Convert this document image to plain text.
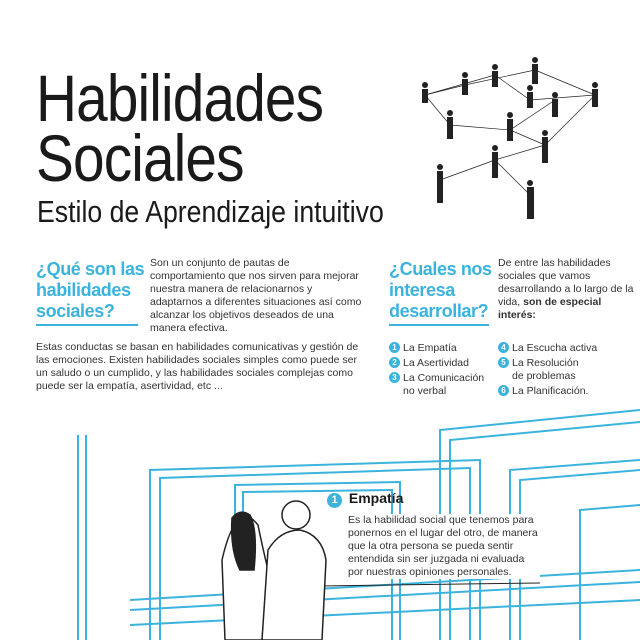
Habilidades
Sociales
Estilo de Aprendizaje intuitivo
¿Qué son las
habilidades
sociales?
Son un conjunto de pautas de comportamiento que nos sirven para mejorar nuestra manera de relacionarnos y adaptarnos a diferentes situaciones así como alcanzar los objetivos deseados de una manera efectiva.
Estas conductas se basan en habilidades comunicativas y gestión de las emociones. Existen habilidades sociales simples como puede ser un saludo o un cumplido, y las habilidades sociales complejas como puede ser la empatía, asertividad, etc ...
¿Cuales nos
interesa
desarrollar?
De entre las habilidades sociales que vamos desarrollando a lo largo de la vida, son de especial interés:
1 La Empatía
2 La Asertividad
3 La Comunicación
no verbal
4 La Escucha activa
5 La Resolución
de problemas
6 La Planificación.
1 Empatía
Es la habilidad social que tenemos para ponernos en el lugar del otro, de manera que la otra persona se pueda sentir entendida sin ser juzgada ni evaluada por nuestras opiniones personales.
